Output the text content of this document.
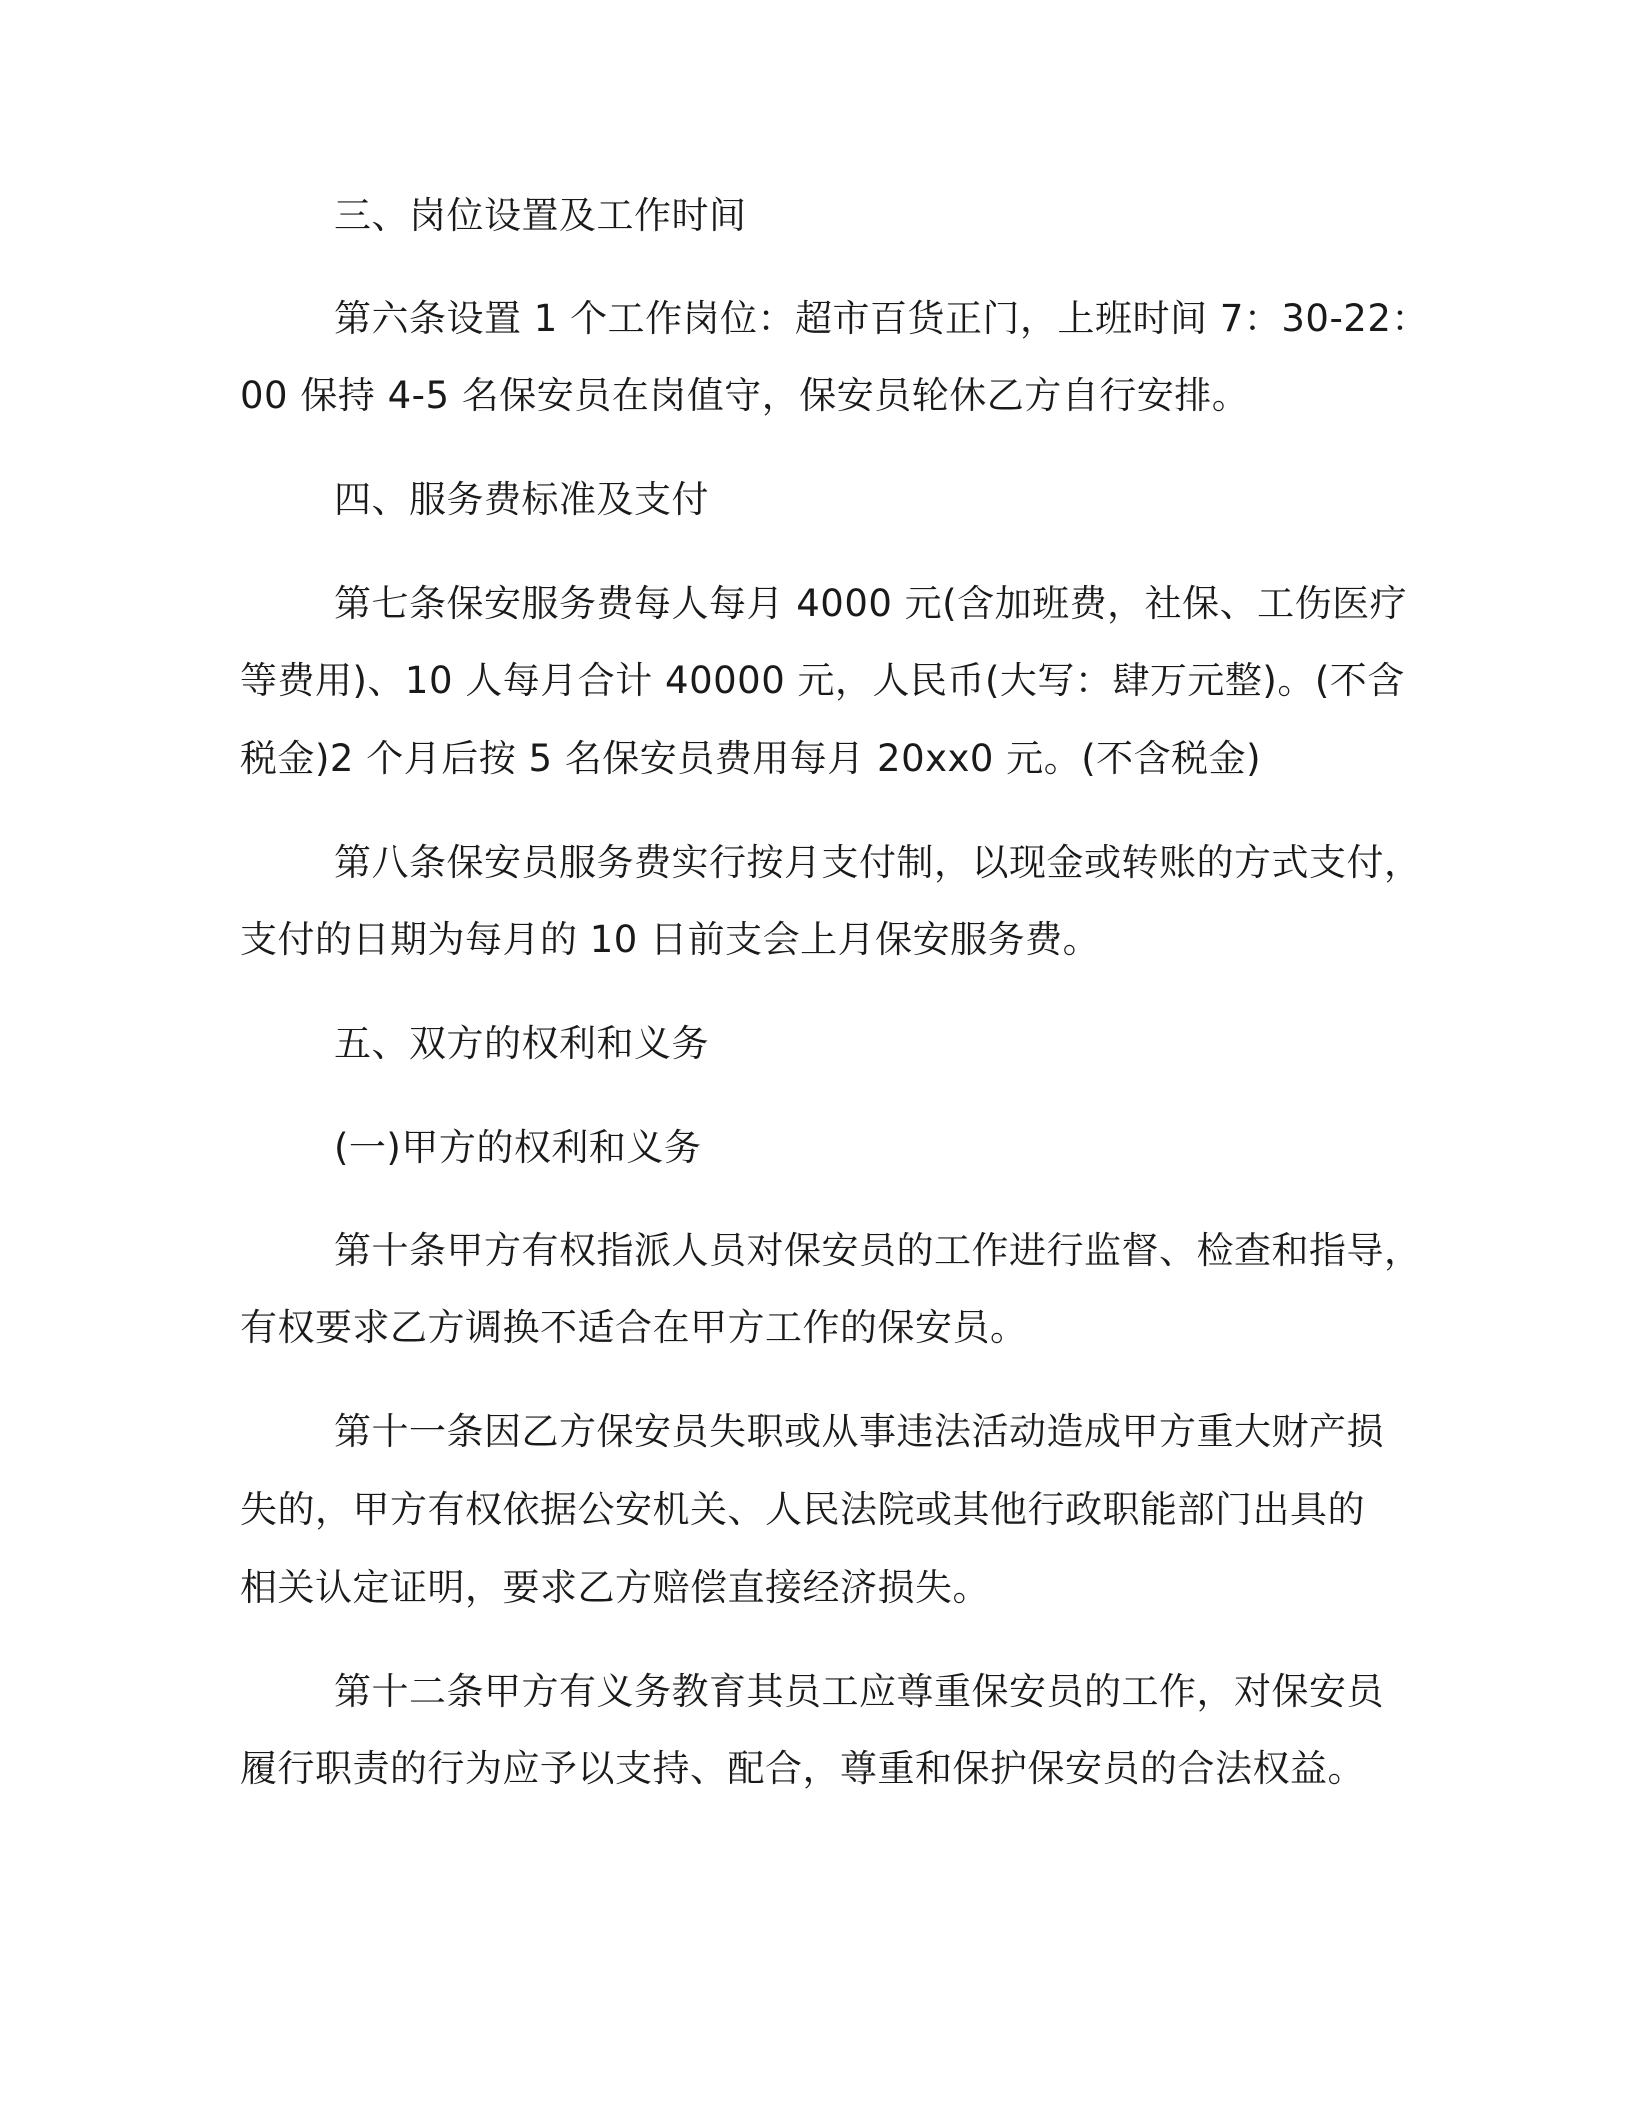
三、岗位设置及工作时间
第六条设置 1 个工作岗位：超市百货正门，上班时间 7：30-22：
00 保持 4-5 名保安员在岗值守，保安员轮休乙方自行安排。
四、服务费标准及支付
第七条保安服务费每人每月 4000 元(含加班费，社保、工伤医疗
等费用)、10 人每月合计 40000 元，人民币(大写：肆万元整)。(不含
税金)2 个月后按 5 名保安员费用每月 20xx0 元。(不含税金)
第八条保安员服务费实行按月支付制，以现金或转账的方式支付，
支付的日期为每月的 10 日前支会上月保安服务费。
五、双方的权利和义务
(一)甲方的权利和义务
第十条甲方有权指派人员对保安员的工作进行监督、检查和指导，
有权要求乙方调换不适合在甲方工作的保安员。
第十一条因乙方保安员失职或从事违法活动造成甲方重大财产损
失的，甲方有权依据公安机关、人民法院或其他行政职能部门出具的
相关认定证明，要求乙方赔偿直接经济损失。
第十二条甲方有义务教育其员工应尊重保安员的工作，对保安员
履行职责的行为应予以支持、配合，尊重和保护保安员的合法权益。
